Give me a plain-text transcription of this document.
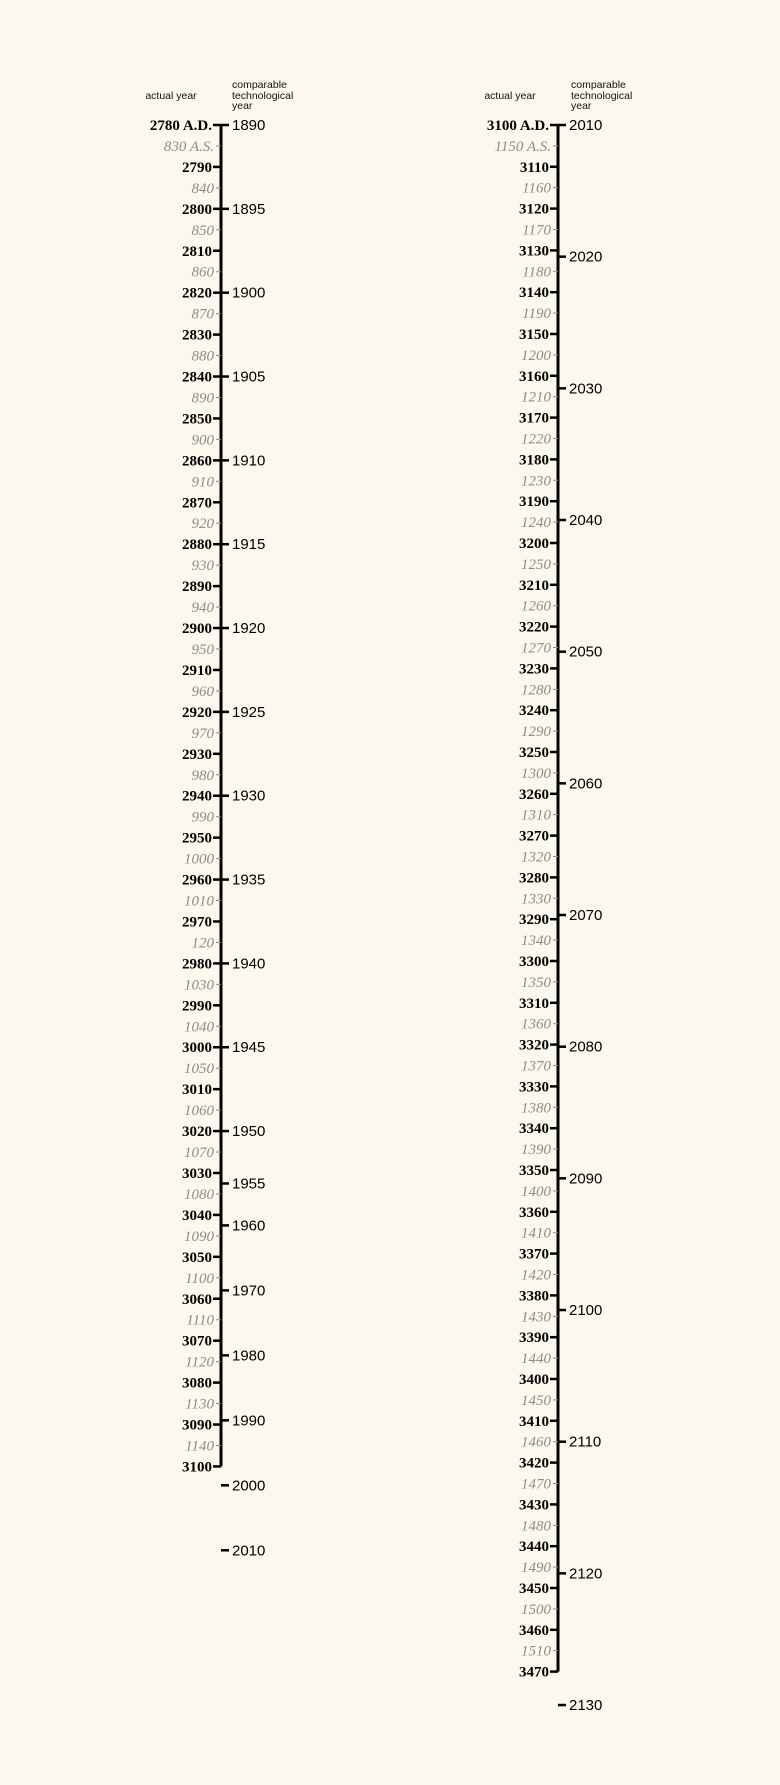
actual year
comparable
technological
year
2780 A.D.
2790
2800
2810
2820
2830
2840
2850
2860
2870
2880
2890
2900
2910
2920
2930
2940
2950
2960
2970
2980
2990
3000
3010
3020
3030
3040
3050
3060
3070
3080
3090
3100
830 A.S.
840
850
860
870
880
890
900
910
920
930
940
950
960
970
980
990
1000
1010
120
1030
1040
1050
1060
1070
1080
1090
1100
1110
1120
1130
1140
1890
1895
1900
1905
1910
1915
1920
1925
1930
1935
1940
1945
1950
1955
1960
1970
1980
1990
2000
2010
actual year
comparable
technological
year
3100 A.D.
3110
3120
3130
3140
3150
3160
3170
3180
3190
3200
3210
3220
3230
3240
3250
3260
3270
3280
3290
3300
3310
3320
3330
3340
3350
3360
3370
3380
3390
3400
3410
3420
3430
3440
3450
3460
3470
1150 A.S.
1160
1170
1180
1190
1200
1210
1220
1230
1240
1250
1260
1270
1280
1290
1300
1310
1320
1330
1340
1350
1360
1370
1380
1390
1400
1410
1420
1430
1440
1450
1460
1470
1480
1490
1500
1510
2010
2020
2030
2040
2050
2060
2070
2080
2090
2100
2110
2120
2130
